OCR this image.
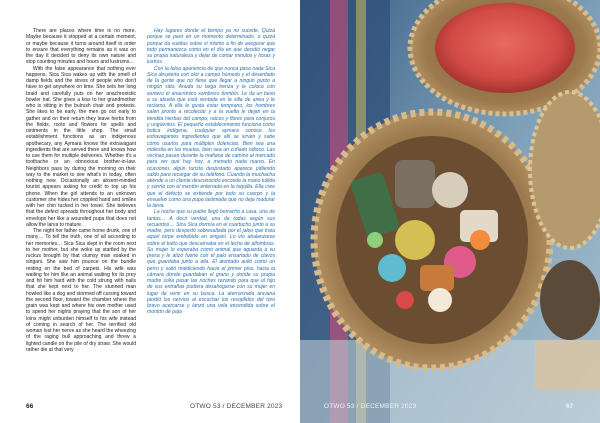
There are places where time is no more. Maybe because it stopped at a certain moment, or maybe because it turns around itself in order to ensure that everything remains as it was on the day it decided to deny its own nature and stop counting minutes and hours and lustrums…

With the false appearance that nothing ever happens, Sica Sica wakes up with the smell of damp fields and the stress of people who don't have to get anywhere on time. She sets her long braid and carefully puts on her anachronistic bowler hat. She gives a kiss to her grandmother who is sitting in the bulrush chair and protests. She likes to be early, the men go out early to gather and on their return they leave herbs from the fields, roots and flowers for spells and ointments in the little shop. The small establishment functions as an indigenous apothecary, any Aymara knows the extravagant ingredients that are served there and knows how to use them for multiple deliveries. Whether it's a toothache or an obnoxious brother-in-law. Neighbors pass by during the morning on their way to the market to see what's in today, often nothing new. Occasionally an absent-minded tourist appears asking for credit to top up his phone. When the girl attends to an unknown customer she hides her crippled hand and smiles with her chin tucked in her towel. She believes that the defect spreads throughout her body and envelops her like a wounded pupa that does not allow the larva to mature.

The night her father came home drunk, one of many… To tell the truth, one of all according to her memories… Sica Sica slept in the room next to her mother, but she woke up startled by the ruckus brought by that clumsy man soaked in singani. She saw him pounce on the bundle resting on the bed of carpets. His wife was waiting for him like an animal waiting for its prey and hit him hard with the cold strung with nails that she kept next to her. The stunned man howled like a dog and stormed off cursing toward the second floor, toward the chamber where the grain was kept and where his own mother used to spend her nights praying that the son of her loins might unburden himself to his wife instead of coming in search of her. The terrified old woman lost her nerve as she heard the wheezing of the raging bull approaching and threw a lighted candle on the pile of dry straw. She would rather die at that very

Hay lugares donde el tiempo ya no sucede. Quizá porque se paró en un momento determinado, o quizá porque da vueltas sobre sí mismo a fin de asegurar que todo permanezca como en el día en que decidió negar su propia naturaleza y dejar de contar minutos y horas y lustros.

Con la falsa apariencia de que nunca pasa nada Sica Sica despierta con olor a campo húmedo y el desenfado de la gente que no tiene que llegar a ningún punto a ningún sitio. Anuda su larga trenza y le coloca con esmero el anacrónico sombrero bombín. Le da un beso a su abuela que está sentada en la silla de anea y le reclama. A ella le gusta estar temprano, los hombres salen pronto a recolectar y a la vuelta le dejan en la tiendita hierbas del campo, raíces y flores para conjuros y ungüentos. El pequeño establecimiento funciona como botica indígena, cualquier aymara conoce los extravagantes ingredientes que allí se sirven y sabe cómo usarlos para múltiples dolencias. Bien sea una molestia en las muelas, bien sea un cuñado odioso. Las vecinas pasan durante la mañana de camino al mercado para ver qué hay hoy, a menudo nada nuevo. En ocasiones algún turista despistado aparece pidiendo saldo para recargar de su teléfono. Cuando la muchacha atiende a un cliente desconocido esconde la mano tullida y sonríe con el mentón enterrado en la toquilla. Ella cree que el defecto se extiende por todo su cuerpo y la envuelve como una pupa lastimada que no deja madurar la larva.

La noche que su padre llegó borracho a casa, una de tantas… A decir verdad, una de todas según sus recuerdos… Sica Sica dormía en el cuartucho junto a su madre, pero despertó sobresaltada por el jaleo que traía aquel torpe embebido en singani. Lo vio abalanzarse sobre el bulto que descansaba en el lecho de alfombras. Su mujer lo esperaba como animal que aguarda a su presa y le atizó fuerte con el palo ensartado de clavos que guardaba junto a ella. El atontado aulló como un perro y salió maldiciendo hacia el primer piso, hacia la cámara donde guardaban el grano y donde su propia madre solía pasar las noches rezando para que el hijo de sus entrañas pudiera desahogarse con su mujer en lugar de venir en su busca. La aterrorizada anciana perdió los nervios al escuchar los resoplidos del toro bravo acercarse y lanzó una vela encendida sobre el montón de paja

66	OTWO 53 / DECEMBER 2023	OTWO 53 / DECEMBER 2023	67
